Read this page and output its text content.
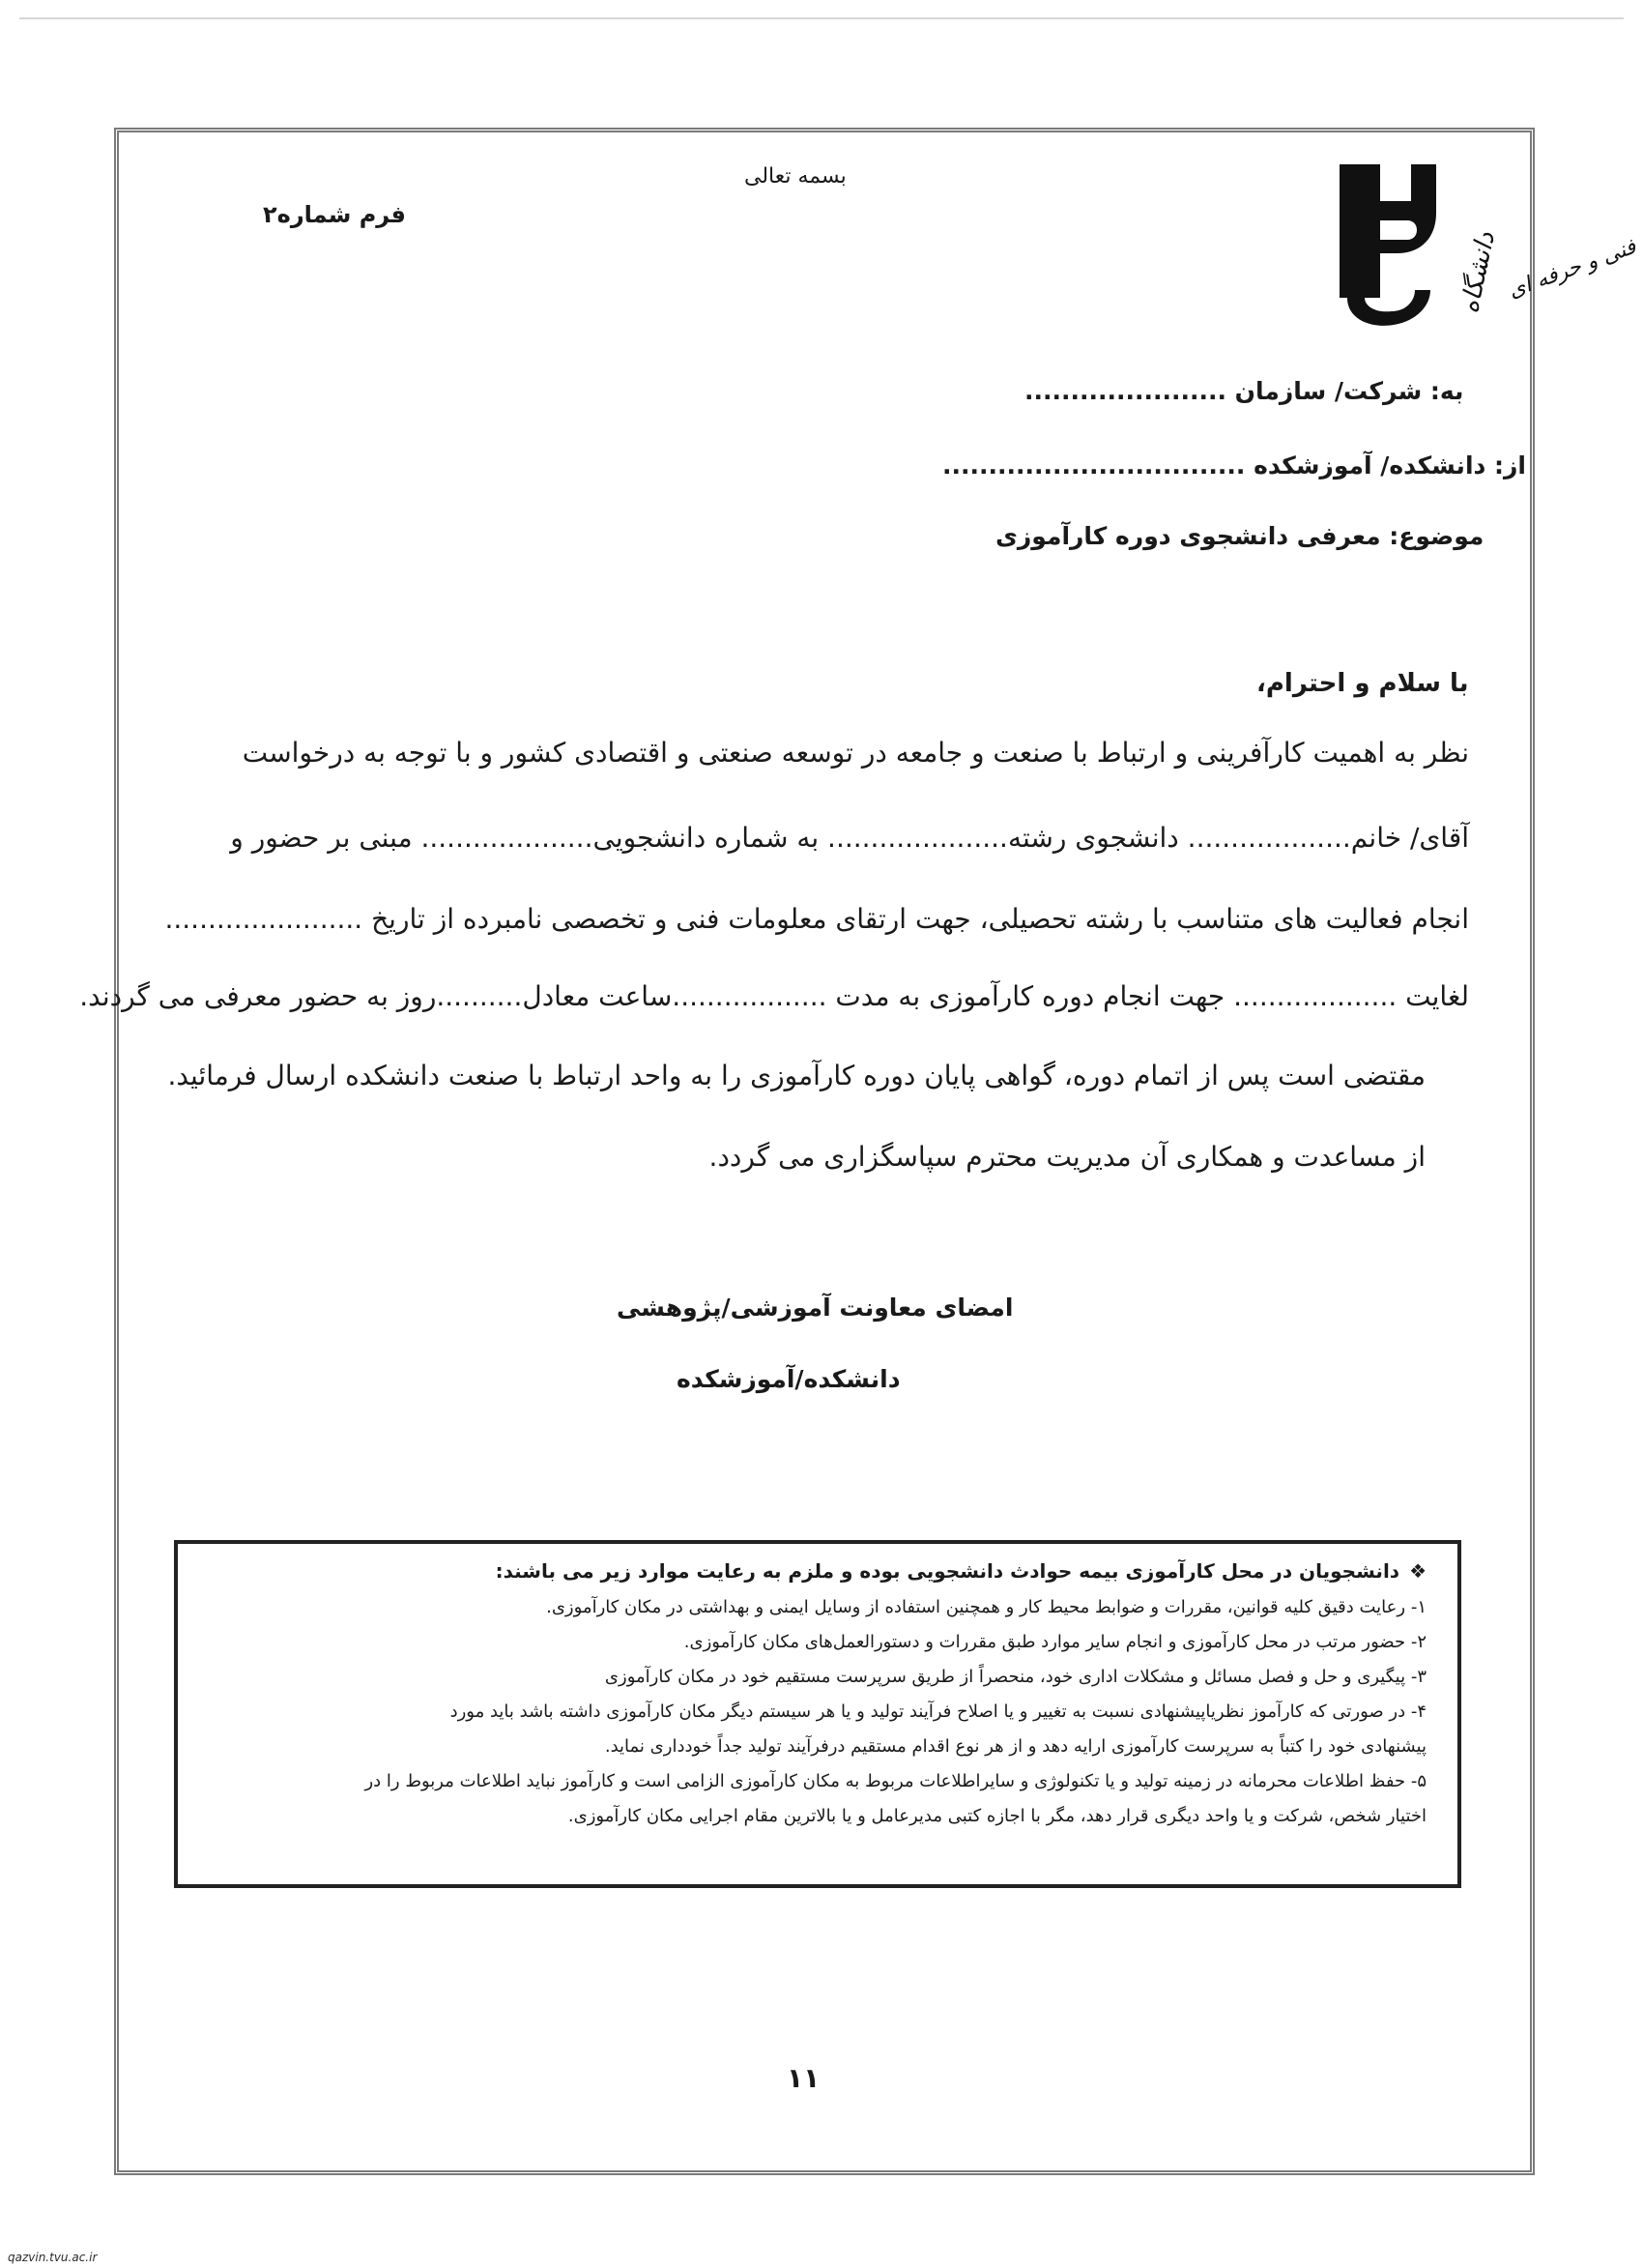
دانشگاه فنی و حرفه ای
بسمه تعالی
فرم شماره۲
به: شرکت/ سازمان ......................
از: دانشکده/ آموزشکده .................................
موضوع: معرفی دانشجوی دوره کارآموزی
با سلام و احترام،
نظر به اهمیت کارآفرینی و ارتباط با صنعت و جامعه در توسعه صنعتی و اقتصادی کشور و با توجه به درخواست
آقای/ خانم................... دانشجوی رشته..................... به شماره دانشجویی.................... مبنی بر حضور و
انجام فعالیت های متناسب با رشته تحصیلی، جهت ارتقای معلومات فنی و تخصصی نامبرده از تاریخ .......................
لغایت ................... جهت انجام دوره کارآموزی به مدت ..................ساعت معادل..........روز به حضور معرفی می گردند.
مقتضی است پس از اتمام دوره، گواهی پایان دوره کارآموزی را به واحد ارتباط با صنعت دانشکده ارسال فرمائید.
از مساعدت و همکاری آن مدیریت محترم سپاسگزاری می گردد.
امضای معاونت آموزشی/پژوهشی
دانشکده/آموزشکده
❖دانشجویان در محل کارآموزی بیمه حوادث دانشجویی بوده و ملزم به رعایت موارد زیر می باشند:
۱- رعایت دقیق کلیه قوانین، مقررات و ضوابط محیط کار و همچنین استفاده از وسایل ایمنی و بهداشتی در مکان کارآموزی.
۲- حضور مرتب در محل کارآموزی و انجام سایر موارد طبق مقررات و دستورالعمل‌های مکان کارآموزی.
۳- پیگیری و حل و فصل مسائل و مشکلات اداری خود، منحصراً از طریق سرپرست مستقیم خود در مکان کارآموزی
۴- در صورتی که کارآموز نظریاپیشنهادی نسبت به تغییر و یا اصلاح فرآیند تولید و یا هر سیستم دیگر مکان کارآموزی داشته باشد باید مورد
پیشنهادی خود را کتباً به سرپرست کارآموزی ارایه دهد و از هر نوع اقدام مستقیم درفرآیند تولید جداً خودداری نماید.
۵- حفظ اطلاعات محرمانه در زمینه تولید و یا تکنولوژی و سایراطلاعات مربوط به مکان کارآموزی الزامی است و کارآموز نباید اطلاعات مربوط را در
اختیار شخص، شرکت و یا واحد دیگری قرار دهد، مگر با اجازه کتبی مدیرعامل و یا بالاترین مقام اجرایی مکان کارآموزی.
۱۱
qazvin.tvu.ac.ir
